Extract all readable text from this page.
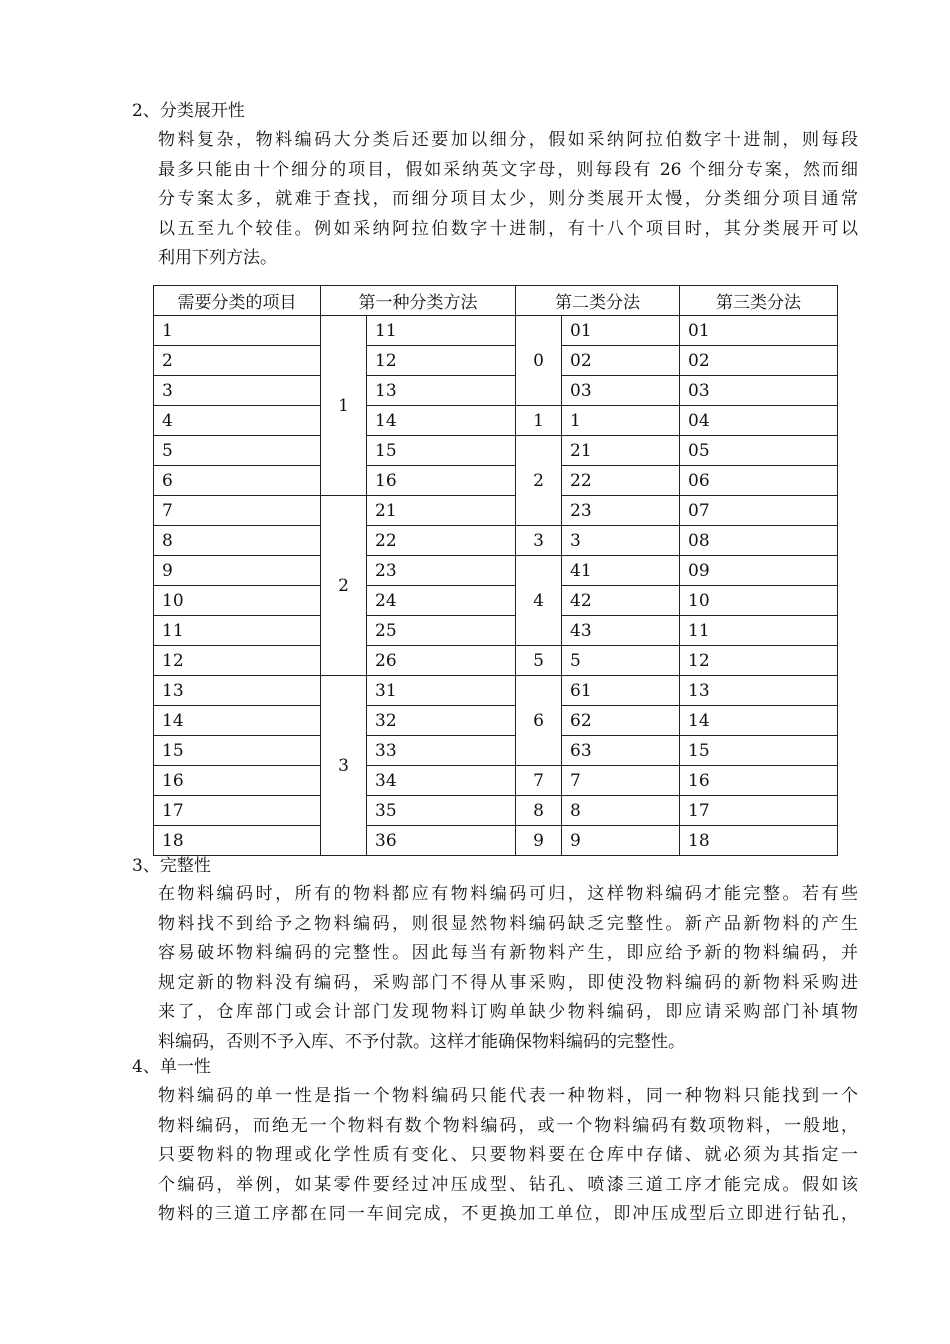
2、分类展开性
物料复杂，物料编码大分类后还要加以细分，假如采纳阿拉伯数字十进制，则每段
最多只能由十个细分的项目，假如采纳英文字母，则每段有 26 个细分专案，然而细
分专案太多，就难于查找，而细分项目太少，则分类展开太慢，分类细分项目通常
以五至九个较佳。例如采纳阿拉伯数字十进制，有十八个项目时，其分类展开可以
利用下列方法。
需要分类的项目	第一种分类方法		第二类分法		第三类分法
1	1	11	0	01	01
2		12		02	02
3		13		03	03
4		14	1	1	04
5		15	2	21	05
6		16		22	06
7	2	21		23	07
8		22	3	3	08
9		23	4	41	09
10		24		42	10
11		25		43	11
12		26	5	5	12
13	3	31	6	61	13
14		32		62	14
15		33		63	15
16		34	7	7	16
17		35	8	8	17
18		36	9	9	18
3、完整性
在物料编码时，所有的物料都应有物料编码可归，这样物料编码才能完整。若有些
物料找不到给予之物料编码，则很显然物料编码缺乏完整性。新产品新物料的产生
容易破坏物料编码的完整性。因此每当有新物料产生，即应给予新的物料编码，并
规定新的物料没有编码，采购部门不得从事采购，即使没物料编码的新物料采购进
来了，仓库部门或会计部门发现物料订购单缺少物料编码，即应请采购部门补填物
料编码，否则不予入库、不予付款。这样才能确保物料编码的完整性。
4、单一性
物料编码的单一性是指一个物料编码只能代表一种物料，同一种物料只能找到一个
物料编码，而绝无一个物料有数个物料编码，或一个物料编码有数项物料，一般地，
只要物料的物理或化学性质有变化、只要物料要在仓库中存储、就必须为其指定一
个编码，举例，如某零件要经过冲压成型、钻孔、喷漆三道工序才能完成。假如该
物料的三道工序都在同一车间完成，不更换加工单位，即冲压成型后立即进行钻孔，
